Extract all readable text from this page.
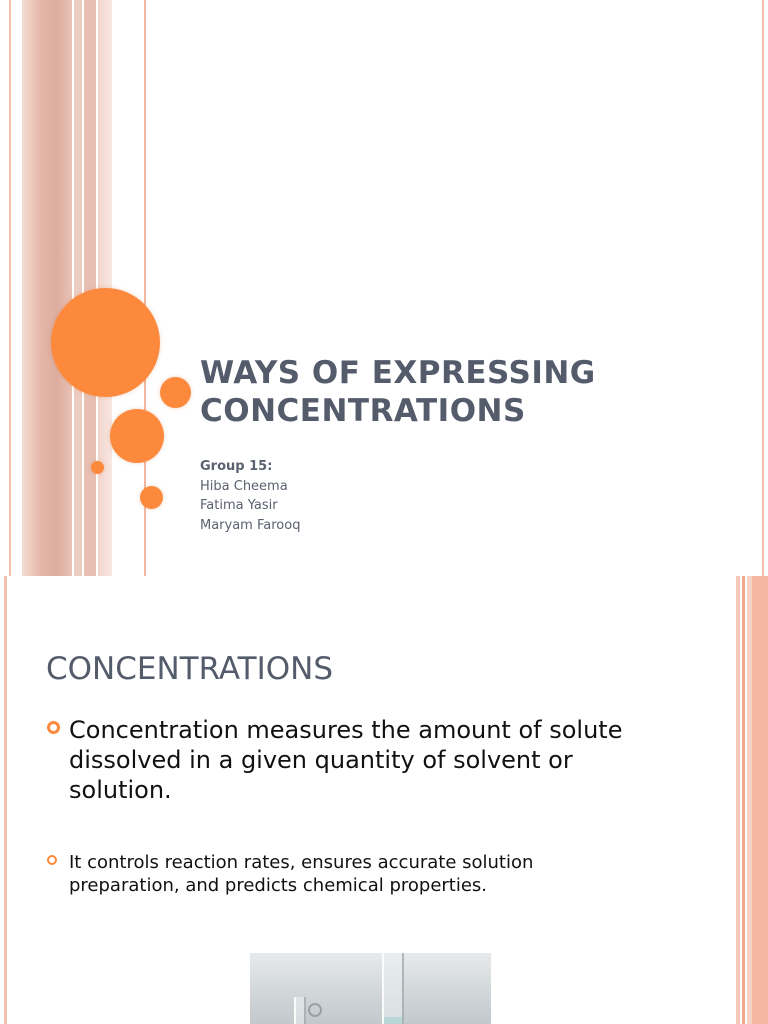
WAYS OF EXPRESSING
CONCENTRATIONS
Group 15:
Hiba Cheema
Fatima Yasir
Maryam Farooq
CONCENTRATIONS
Concentration measures the amount of solute dissolved in a given quantity of solvent or solution.
It controls reaction rates, ensures accurate solution preparation, and predicts chemical properties.
